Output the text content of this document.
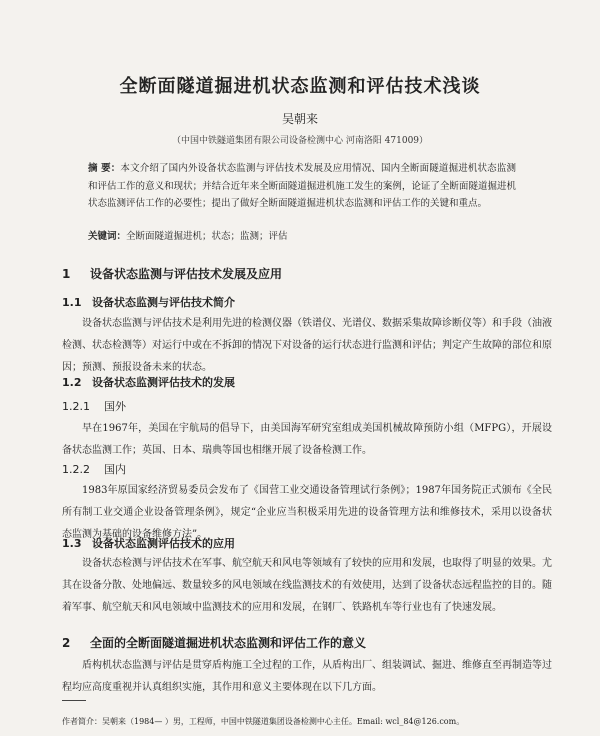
全断面隧道掘进机状态监测和评估技术浅谈
吴朝来
（中国中铁隧道集团有限公司设备检测中心 河南洛阳 471009）
摘 要：本文介绍了国内外设备状态监测与评估技术发展及应用情况、国内全断面隧道掘进机状态监测和评估工作的意义和现状；并结合近年来全断面隧道掘进机施工发生的案例，论证了全断面隧道掘进机状态监测评估工作的必要性；提出了做好全断面隧道掘进机状态监测和评估工作的关键和重点。
关键词：全断面隧道掘进机；状态；监测；评估
1 设备状态监测与评估技术发展及应用
1.1 设备状态监测与评估技术简介
设备状态监测与评估技术是利用先进的检测仪器（铁谱仪、光谱仪、数据采集故障诊断仪等）和手段（油液检测、状态检测等）对运行中或在不拆卸的情况下对设备的运行状态进行监测和评估；判定产生故障的部位和原因；预测、预报设备未来的状态。
1.2 设备状态监测评估技术的发展
1.2.1 国外
早在1967年，美国在宇航局的倡导下，由美国海军研究室组成美国机械故障预防小组（MFPG），开展设备状态监测工作；英国、日本、瑞典等国也相继开展了设备检测工作。
1.2.2 国内
1983年原国家经济贸易委员会发布了《国营工业交通设备管理试行条例》；1987年国务院正式颁布《全民所有制工业交通企业设备管理条例》，规定“企业应当积极采用先进的设备管理方法和维修技术，采用以设备状态监测为基础的设备维修方法”。
1.3 设备状态监测评估技术的应用
设备状态检测与评估技术在军事、航空航天和风电等领域有了较快的应用和发展，也取得了明显的效果。尤其在设备分散、处地偏远、数量较多的风电领域在线监测技术的有效使用，达到了设备状态远程监控的目的。随着军事、航空航天和风电领域中监测技术的应用和发展，在钢厂、铁路机车等行业也有了快速发展。
2 全面的全断面隧道掘进机状态监测和评估工作的意义
盾构机状态监测与评估是贯穿盾构施工全过程的工作，从盾构出厂、组装调试、掘进、维修直至再制造等过程均应高度重视并认真组织实施，其作用和意义主要体现在以下几方面。
作者简介：吴朝来（1984— ）男，工程师，中国中铁隧道集团设备检测中心主任。Email: wcl_84@126.com。
